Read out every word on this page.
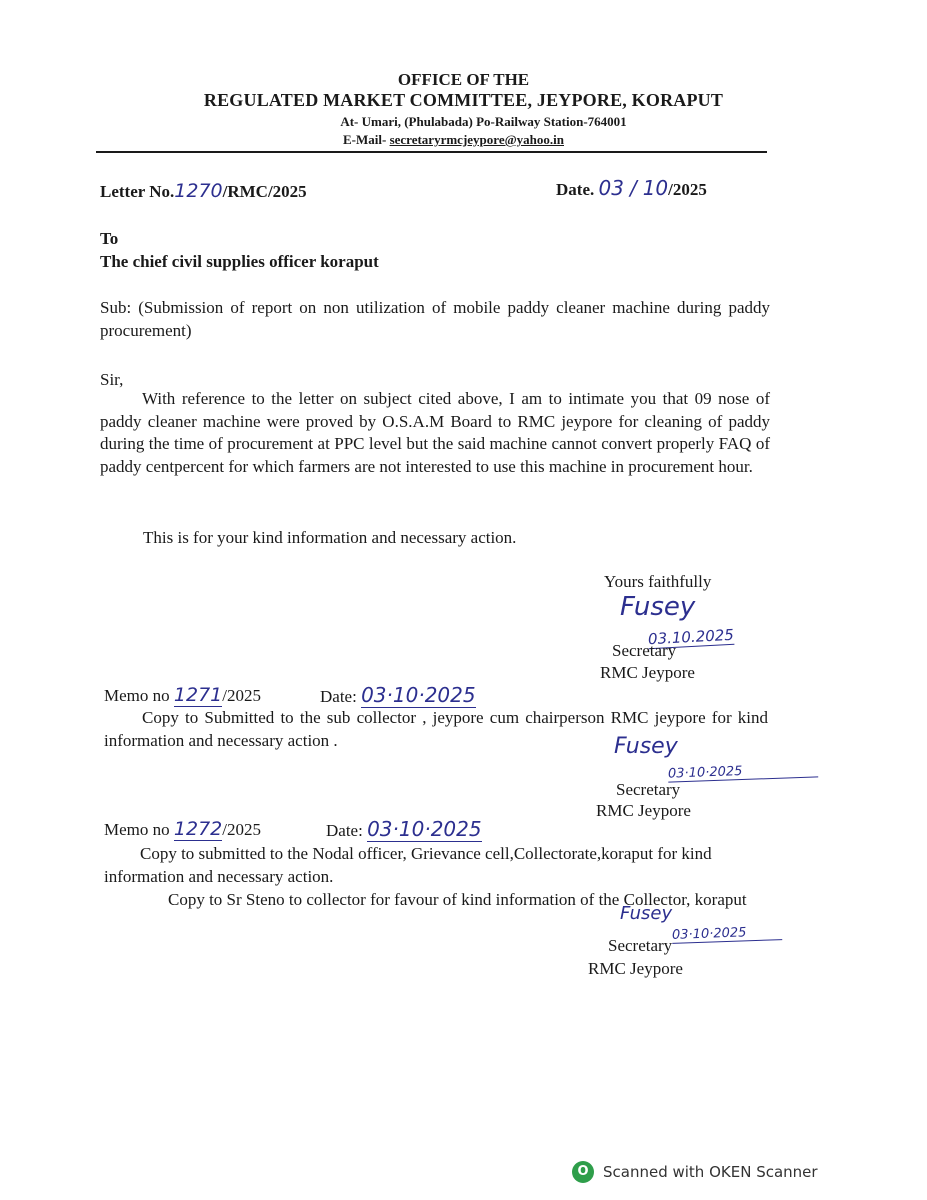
OFFICE OF THE
REGULATED MARKET COMMITTEE, JEYPORE, KORAPUT
At- Umari, (Phulabada) Po-Railway Station-764001
E-Mail- secretaryrmcjeypore@yahoo.in
Letter No.1270/RMC/2025	Date. 03 / 10/2025
To
The chief civil supplies officer koraput
Sub: (Submission of report on non utilization of mobile paddy cleaner machine during paddy procurement)
Sir,
With reference to the letter on subject cited above, I am to intimate you that 09 nose of paddy cleaner machine were proved by O.S.A.M Board to RMC jeypore for cleaning of paddy during the time of procurement at PPC level but the said machine cannot convert properly FAQ of paddy centpercent for which farmers are not interested to use this machine in procurement hour.
This is for your kind information and necessary action.
Yours faithfully
Fusey
03.10.2025
Secretary
RMC Jeypore
Memo no 1271/2025	Date: 03·10·2025
Copy to Submitted to the sub collector , jeypore cum chairperson RMC jeypore for kind information and necessary action .	Fusey
03·10·2025
Secretary
RMC Jeypore
Memo no 1272/2025	Date: 03·10·2025
Copy to submitted to the Nodal officer, Grievance cell,Collectorate,koraput for kind information and necessary action.
Copy to Sr Steno to collector for favour of kind information of the Collector, koraput
Fusey
03·10·2025
Secretary
RMC Jeypore
O Scanned with OKEN Scanner
